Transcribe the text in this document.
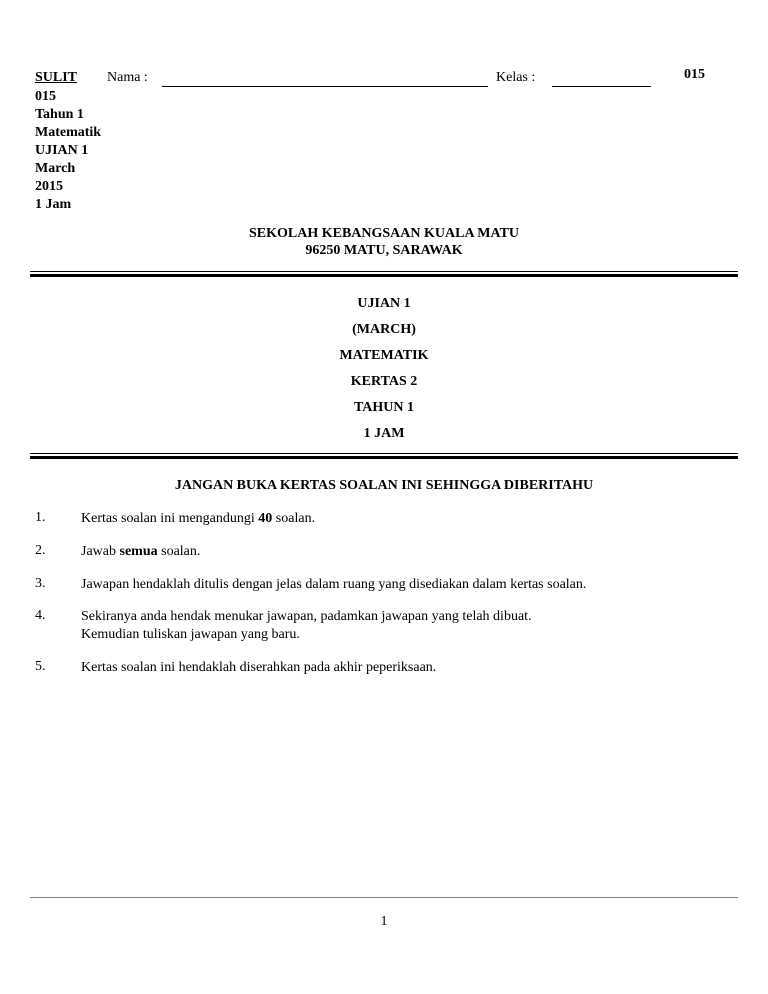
SULIT Nama :	Kelas :	015
015
Tahun 1
Matematik
UJIAN 1
March
2015
1 Jam
SEKOLAH KEBANGSAAN KUALA MATU
96250 MATU, SARAWAK
UJIAN 1
(MARCH)
MATEMATIK
KERTAS 2
TAHUN 1
1 JAM
JANGAN BUKA KERTAS SOALAN INI SEHINGGA DIBERITAHU
1.	Kertas soalan ini mengandungi 40 soalan.
2.	Jawab semua soalan.
3.	Jawapan hendaklah ditulis dengan jelas dalam ruang yang disediakan dalam kertas soalan.
4.	Sekiranya anda hendak menukar jawapan, padamkan jawapan yang telah dibuat.
Kemudian tuliskan jawapan yang baru.
5.	Kertas soalan ini hendaklah diserahkan pada akhir peperiksaan.
1
